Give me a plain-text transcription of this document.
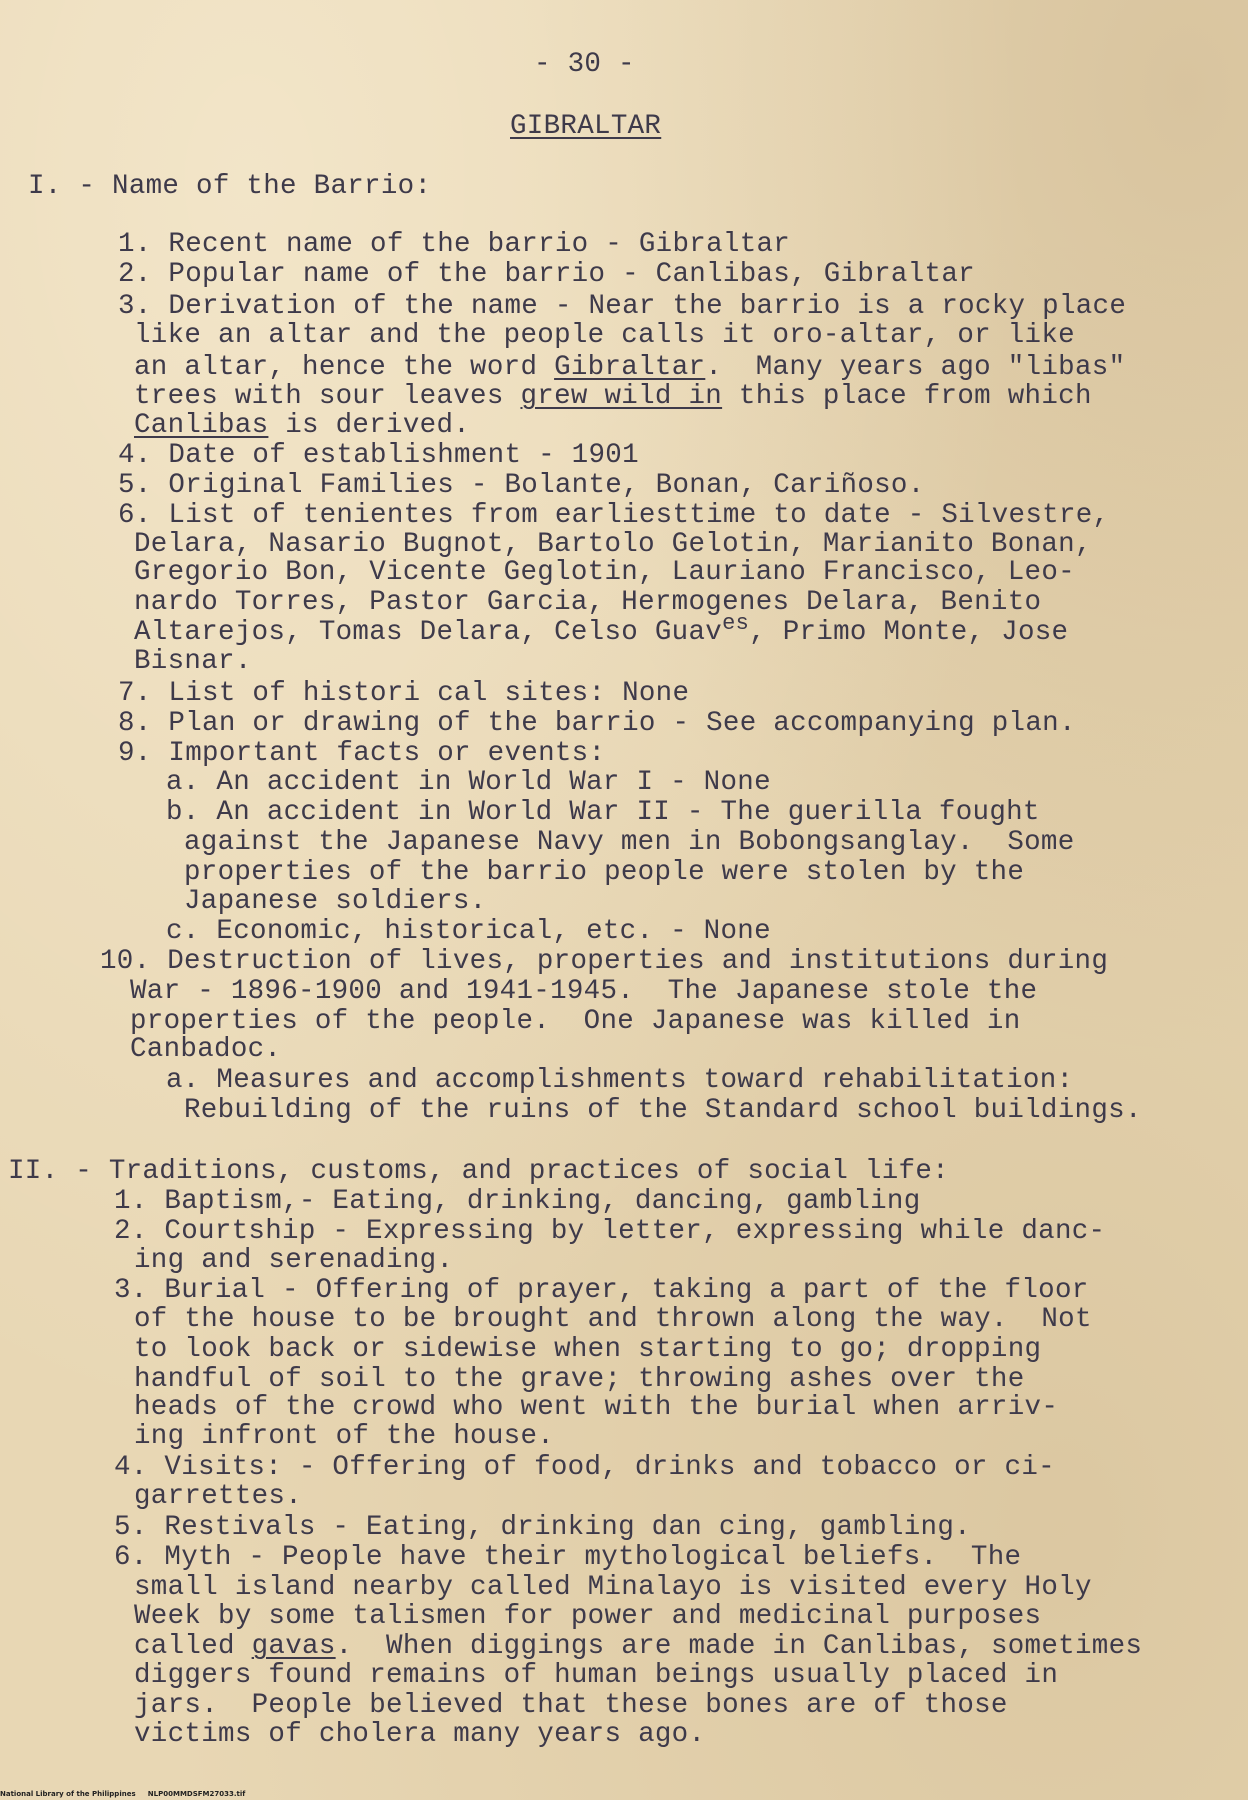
- 30 -
GIBRALTAR
I. - Name of the Barrio:
1. Recent name of the barrio - Gibraltar
2. Popular name of the barrio - Canlibas, Gibraltar
3. Derivation of the name - Near the barrio is a rocky place
like an altar and the people calls it oro-altar, or like
an altar, hence the word Gibraltar.  Many years ago "libas"
trees with sour leaves grew wild in this place from which
Canlibas is derived.
4. Date of establishment - 1901
5. Original Families - Bolante, Bonan, Cariñoso.
6. List of tenientes from earliesttime to date - Silvestre,
Delara, Nasario Bugnot, Bartolo Gelotin, Marianito Bonan,
Gregorio Bon, Vicente Geglotin, Lauriano Francisco, Leo-
nardo Torres, Pastor Garcia, Hermogenes Delara, Benito
Altarejos, Tomas Delara, Celso Guav$^{es}$, Primo Monte, Jose
Bisnar.
7. List of histori cal sites: None
8. Plan or drawing of the barrio - See accompanying plan.
9. Important facts or events:
a. An accident in World War I - None
b. An accident in World War II - The guerilla fought
against the Japanese Navy men in Bobongsanglay.  Some
properties of the barrio people were stolen by the
Japanese soldiers.
c. Economic, historical, etc. - None
10. Destruction of lives, properties and institutions during
War - 1896-1900 and 1941-1945.  The Japanese stole the
properties of the people.  One Japanese was killed in
Canbadoc.
a. Measures and accomplishments toward rehabilitation:
Rebuilding of the ruins of the Standard school buildings.
II. - Traditions, customs, and practices of social life:
1. Baptism,- Eating, drinking, dancing, gambling
2. Courtship - Expressing by letter, expressing while danc-
ing and serenading.
3. Burial - Offering of prayer, taking a part of the floor
of the house to be brought and thrown along the way.  Not
to look back or sidewise when starting to go; dropping
handful of soil to the grave; throwing ashes over the
heads of the crowd who went with the burial when arriv-
ing infront of the house.
4. Visits: - Offering of food, drinks and tobacco or ci-
garrettes.
5. Restivals - Eating, drinking dan cing, gambling.
6. Myth - People have their mythological beliefs.  The
small island nearby called Minalayo is visited every Holy
Week by some talismen for power and medicinal purposes
called gavas.  When diggings are made in Canlibas, sometimes
diggers found remains of human beings usually placed in
jars.  People believed that these bones are of those
victims of cholera many years ago.
National Library of the Philippines     NLP00MMDSFM27033.tif
